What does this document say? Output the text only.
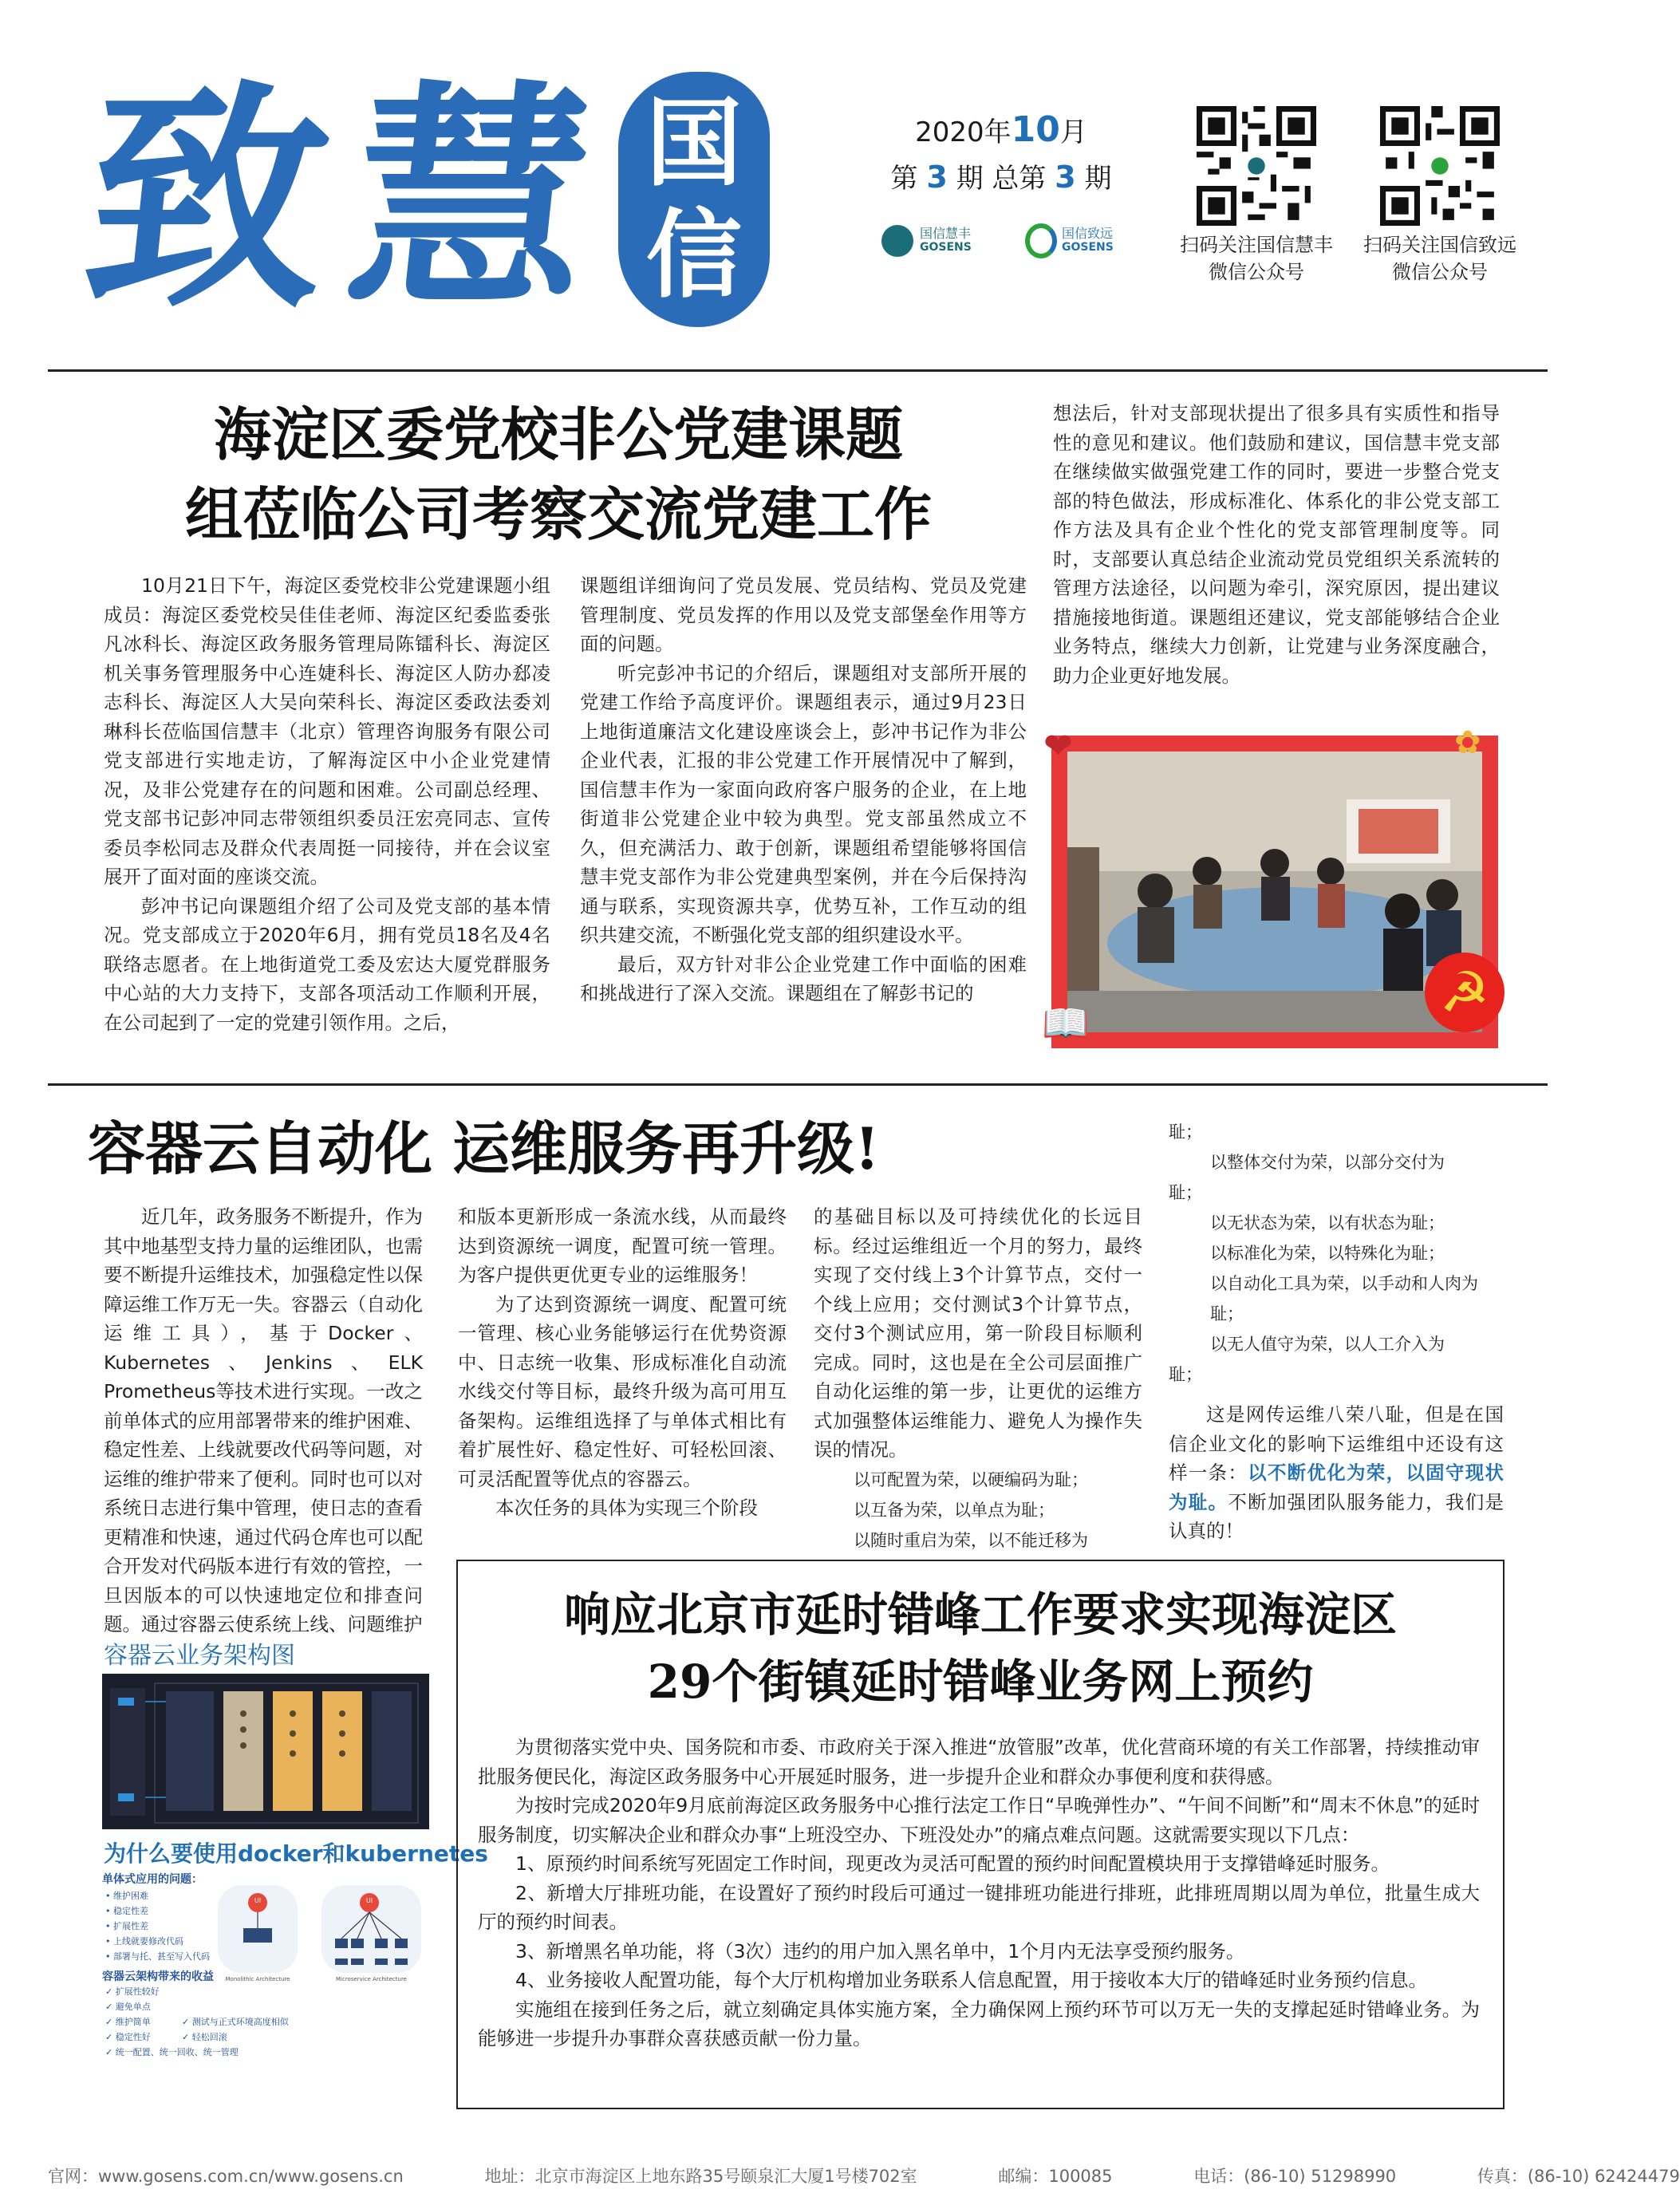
致
慧 国
信
2020年10月
第 3 期 总第 3 期
国信慧丰
GOSENS
国信致远
GOSENS	扫码关注国信慧丰
微信公众号
扫码关注国信致远
微信公众号
海淀区委党校非公党建课题
组莅临公司考察交流党建工作

10月21日下午，海淀区委党校非公党建课题小组成员：海淀区委党校吴佳佳老师、海淀区纪委监委张凡冰科长、海淀区政务服务管理局陈镭科长、海淀区机关事务管理服务中心连婕科长、海淀区人防办郄凌志科长、海淀区人大吴向荣科长、海淀区委政法委刘琳科长莅临国信慧丰（北京）管理咨询服务有限公司党支部进行实地走访，了解海淀区中小企业党建情况，及非公党建存在的问题和困难。公司副总经理、党支部书记彭冲同志带领组织委员汪宏亮同志、宣传委员李松同志及群众代表周挺一同接待，并在会议室展开了面对面的座谈交流。

彭冲书记向课题组介绍了公司及党支部的基本情况。党支部成立于2020年6月，拥有党员18名及4名联络志愿者。在上地街道党工委及宏达大厦党群服务中心站的大力支持下，支部各项活动工作顺利开展，在公司起到了一定的党建引领作用。之后，

课题组详细询问了党员发展、党员结构、党员及党建管理制度、党员发挥的作用以及党支部堡垒作用等方面的问题。

听完彭冲书记的介绍后，课题组对支部所开展的党建工作给予高度评价。课题组表示，通过9月23日上地街道廉洁文化建设座谈会上，彭冲书记作为非公企业代表，汇报的非公党建工作开展情况中了解到，国信慧丰作为一家面向政府客户服务的企业，在上地街道非公党建企业中较为典型。党支部虽然成立不久，但充满活力、敢于创新，课题组希望能够将国信慧丰党支部作为非公党建典型案例，并在今后保持沟通与联系，实现资源共享，优势互补，工作互动的组织共建交流，不断强化党支部的组织建设水平。

最后，双方针对非公企业党建工作中面临的困难和挑战进行了深入交流。课题组在了解彭书记的

想法后，针对支部现状提出了很多具有实质性和指导性的意见和建议。他们鼓励和建议，国信慧丰党支部在继续做实做强党建工作的同时，要进一步整合党支部的特色做法，形成标准化、体系化的非公党支部工作方法及具有企业个性化的党支部管理制度等。同时，支部要认真总结企业流动党员党组织关系流转的管理方法途径，以问题为牵引，深究原因，提出建议措施接地街道。课题组还建议，党支部能够结合企业业务特点，继续大力创新，让党建与业务深度融合，助力企业更好地发展。

❤	✿
📖	☭
容器云自动化 运维服务再升级!

近几年，政务服务不断提升，作为其中地基型支持力量的运维团队，也需要不断提升运维技术，加强稳定性以保障运维工作万无一失。容器云（自动化运维工具），基于Docker、Kubernetes、Jenkins、ELK Prometheus等技术进行实现。一改之前单体式的应用部署带来的维护困难、稳定性差、上线就要改代码等问题，对运维的维护带来了便利。同时也可以对系统日志进行集中管理，使日志的查看更精准和快速，通过代码仓库也可以配合开发对代码版本进行有效的管控，一旦因版本的可以快速地定位和排查问题。通过容器云使系统上线、问题维护

和版本更新形成一条流水线，从而最终达到资源统一调度，配置可统一管理。为客户提供更优更专业的运维服务！

为了达到资源统一调度、配置可统一管理、核心业务能够运行在优势资源中、日志统一收集、形成标准化自动流水线交付等目标，最终升级为高可用互备架构。运维组选择了与单体式相比有着扩展性好、稳定性好、可轻松回滚、可灵活配置等优点的容器云。

本次任务的具体为实现三个阶段

的基础目标以及可持续优化的长远目标。经过运维组近一个月的努力，最终实现了交付线上3个计算节点，交付一个线上应用；交付测试3个计算节点，交付3个测试应用，第一阶段目标顺利完成。同时，这也是在全公司层面推广自动化运维的第一步，让更优的运维方式加强整体运维能力、避免人为操作失误的情况。

以可配置为荣，以硬编码为耻；
以互备为荣，以单点为耻；
以随时重启为荣，以不能迁移为
耻；
以整体交付为荣，以部分交付为
耻；
以无状态为荣，以有状态为耻；
以标准化为荣，以特殊化为耻；
以自动化工具为荣，以手动和人肉为耻；
以无人值守为荣，以人工介入为
耻；

这是网传运维八荣八耻，但是在国信企业文化的影响下运维组中还设有这样一条：以不断优化为荣，以固守现状为耻。不断加强团队服务能力，我们是认真的！

容器云业务架构图
为什么要使用docker和kubernetes
单体式应用的问题：
• 维护困难
• 稳定性差
• 扩展性差
• 上线就要修改代码
• 部署与托、甚至写入代码
容器云架构带来的收益
✓ 扩展性较好
✓ 避免单点
✓ 维护简单
✓ 稳定性好
✓ 统一配置、统一回收、统一管理
✓ 测试与正式环境高度相似
✓ 轻松回滚
UI	UI
Monolithic Architecture	Microservice Architecture
响应北京市延时错峰工作要求实现海淀区
29个街镇延时错峰业务网上预约

为贯彻落实党中央、国务院和市委、市政府关于深入推进“放管服”改革，优化营商环境的有关工作部署，持续推动审批服务便民化，海淀区政务服务中心开展延时服务，进一步提升企业和群众办事便利度和获得感。

为按时完成2020年9月底前海淀区政务服务中心推行法定工作日“早晚弹性办”、“午间不间断”和“周末不休息”的延时服务制度，切实解决企业和群众办事“上班没空办、下班没处办”的痛点难点问题。这就需要实现以下几点：

1、原预约时间系统写死固定工作时间，现更改为灵活可配置的预约时间配置模块用于支撑错峰延时服务。

2、新增大厅排班功能，在设置好了预约时段后可通过一键排班功能进行排班，此排班周期以周为单位，批量生成大厅的预约时间表。

3、新增黑名单功能，将（3次）违约的用户加入黑名单中，1个月内无法享受预约服务。

4、业务接收人配置功能，每个大厅机构增加业务联系人信息配置，用于接收本大厅的错峰延时业务预约信息。

实施组在接到任务之后，就立刻确定具体实施方案，全力确保网上预约环节可以万无一失的支撑起延时错峰业务。为能够进一步提升办事群众喜获感贡献一份力量。

官网：www.gosens.com.cn/www.gosens.cn	地址：北京市海淀区上地东路35号颐泉汇大厦1号楼702室	邮编：100085	电话：(86-10) 51298990	传真：(86-10) 62424479
